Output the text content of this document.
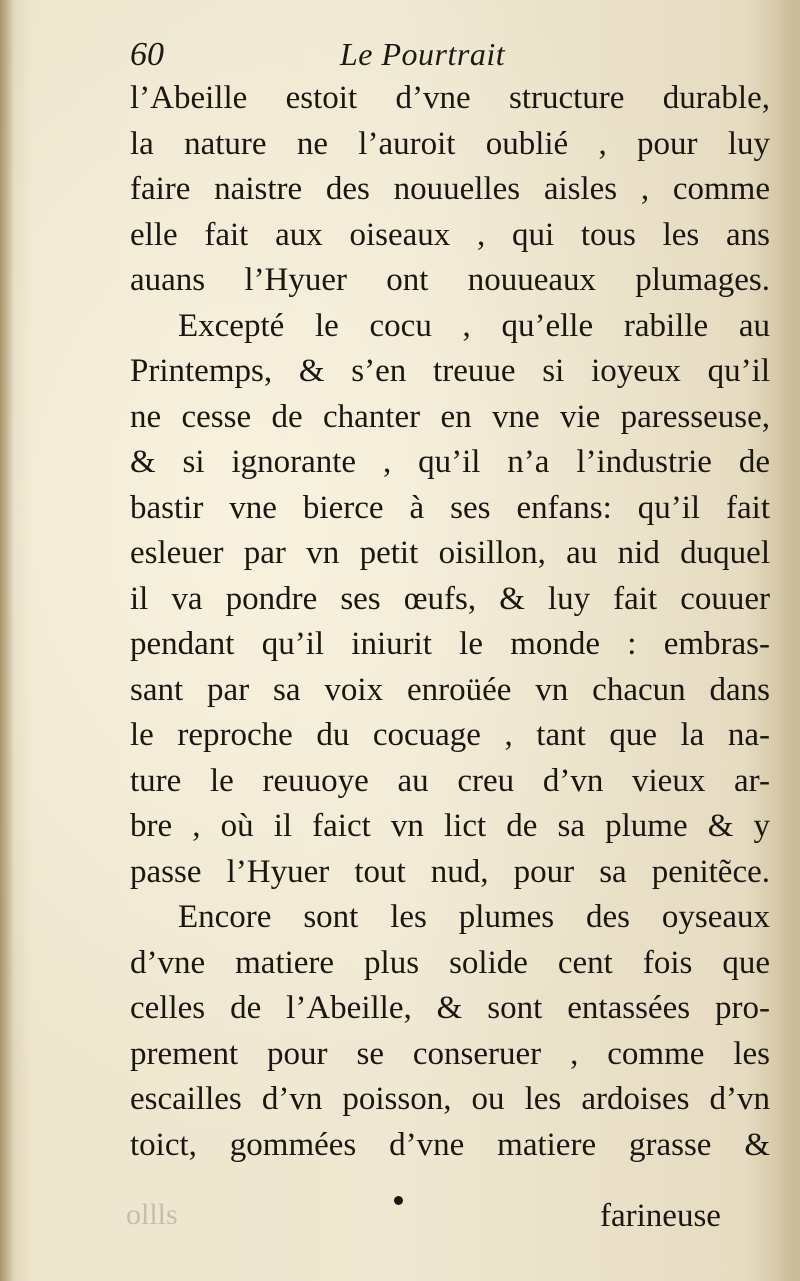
60	Le Pourtrait
l’Abeille estoit d’vne structure durable,
la nature ne l’auroit oublié , pour luy
faire naistre des nouuelles aisles , comme
elle fait aux oiseaux , qui tous les ans
auans l’Hyuer ont nouueaux plumages.
Excepté le cocu , qu’elle rabille au
Printemps, & s’en treuue si ioyeux qu’il
ne cesse de chanter en vne vie paresseuse,
& si ignorante , qu’il n’a l’industrie de
bastir vne bierce à ses enfans: qu’il fait
esleuer par vn petit oisillon, au nid duquel
il va pondre ses œufs, & luy fait couuer
pendant qu’il iniurit le monde : embras-
sant par sa voix enroüée vn chacun dans
le reproche du cocuage , tant que la na-
ture le reuuoye au creu d’vn vieux ar-
bre , où il faict vn lict de sa plume & y
passe l’Hyuer tout nud, pour sa penitẽce.
Encore sont les plumes des oyseaux
d’vne matiere plus solide cent fois que
celles de l’Abeille, & sont entassées pro-
prement pour se conseruer , comme les
escailles d’vn poisson, ou les ardoises d’vn
toict, gommées d’vne matiere grasse &
ollls	farineuse
